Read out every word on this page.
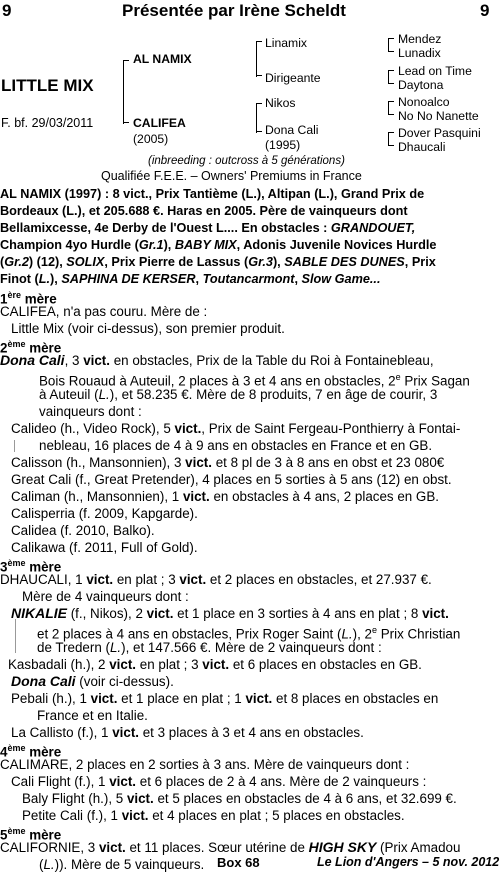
9	Présentée par Irène Scheldt	9
LITTLE MIX
F. bf. 29/03/2011
AL NAMIX
CALIFEA
(2005)
Linamix
Dirigeante
Nikos
Dona Cali
(1995)
Mendez
Lunadix
Lead on Time
Daytona
Nonoalco
No No Nanette
Dover Pasquini
Dhaucali
(inbreeding : outcross à 5 générations)
Qualifiée F.E.E. – Owners' Premiums in France
AL NAMIX (1997) : 8 vict., Prix Tantième (L.), Altipan (L.), Grand Prix de
Bordeaux (L.), et 205.688 €. Haras en 2005. Père de vainqueurs dont
Bellamixcesse, 4e Derby de l'Ouest L.... En obstacles : GRANDOUET,
Champion 4yo Hurdle (Gr.1), BABY MIX, Adonis Juvenile Novices Hurdle
(Gr.2) (12), SOLIX, Prix Pierre de Lassus (Gr.3), SABLE DES DUNES, Prix
Finot (L.), SAPHINA DE KERSER, Toutancarmont, Slow Game...
1ère mère
CALIFEA, n'a pas couru. Mère de :
Little Mix (voir ci-dessus), son premier produit.
2ème mère
Dona Cali, 3 vict. en obstacles, Prix de la Table du Roi à Fontainebleau,
Bois Rouaud à Auteuil, 2 places à 3 et 4 ans en obstacles, 2e Prix Sagan
à Auteuil (L.), et 58.235 €. Mère de 8 produits, 7 en âge de courir, 3
vainqueurs dont :
Calideo (h., Video Rock), 5 vict., Prix de Saint Fergeau-Ponthierry à Fontai-
nebleau, 16 places de 4 à 9 ans en obstacles en France et en GB.
Calisson (h., Mansonnien), 3 vict. et 8 pl de 3 à 8 ans en obst et 23 080€
Great Cali (f., Great Pretender), 4 places en 5 sorties à 5 ans (12) en obst.
Caliman (h., Mansonnien), 1 vict. en obstacles à 4 ans, 2 places en GB.
Calisperria (f. 2009, Kapgarde).
Calidea (f. 2010, Balko).
Calikawa (f. 2011, Full of Gold).
3ème mère
DHAUCALI, 1 vict. en plat ; 3 vict. et 2 places en obstacles, et 27.937 €.
Mère de 4 vainqueurs dont :
NIKALIE (f., Nikos), 2 vict. et 1 place en 3 sorties à 4 ans en plat ; 8 vict.
et 2 places à 4 ans en obstacles, Prix Roger Saint (L.), 2e Prix Christian
de Tredern (L.), et 147.566 €. Mère de 2 vainqueurs dont :
Kasbadali (h.), 2 vict. en plat ; 3 vict. et 6 places en obstacles en GB.
Dona Cali (voir ci-dessus).
Pebali (h.), 1 vict. et 1 place en plat ; 1 vict. et 8 places en obstacles en
France et en Italie.
La Callisto (f.), 1 vict. et 3 places à 3 et 4 ans en obstacles.
4ème mère
CALIMARE, 2 places en 2 sorties à 3 ans. Mère de vainqueurs dont :
Cali Flight (f.), 1 vict. et 6 places de 2 à 4 ans. Mère de 2 vainqueurs :
Baly Flight (h.), 5 vict. et 5 places en obstacles de 4 à 6 ans, et 32.699 €.
Petite Cali (f.), 1 vict. et 4 places en plat ; 5 places en obstacles.
5ème mère
CALIFORNIE, 3 vict. et 11 places. Sœur utérine de HIGH SKY (Prix Amadou
(L.)). Mère de 5 vainqueurs. Box 68	Le Lion d'Angers – 5 nov. 2012
